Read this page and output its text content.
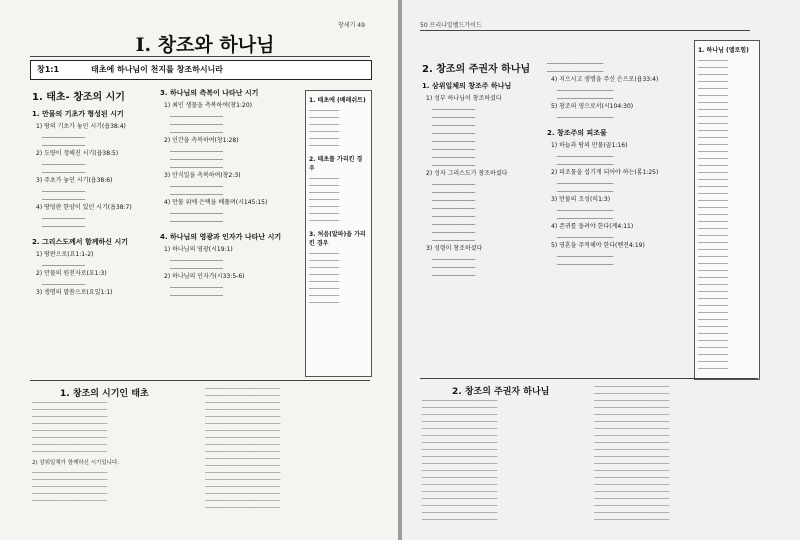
창세기 49
I. 창조와 하나님
창1:1	태초에 하나님이 천지를 창조하시니라
1. 태초- 창조의 시기
1. 만물의 기초가 형성된 시기
1) 땅의 기초가 놓인 시기(욥38:4)
─────────────
─────────────
2) 도량이 정해진 시기(욥38:5)
─────────────
─────────────
3) 주초가 놓인 시기(욥38:6)
─────────────
─────────────
4) 땅덩판 한양이 있던 시기(욥38:7)
─────────────
─────────────
2. 그리스도께서 함께하신 시기
1) 땅판으로(요1:1-2)
─────────────
2) 만물의 원천자로(요1:3)
─────────────
3) 생명의 말씀으로(요일1:1)
3. 하나님의 측복이 나타난 시기
1) 최인 생물을 측복하여(창1:20)
────────────────
────────────────
────────────────
2) 인간을 측복하여(창1:28)
────────────────
────────────────
────────────────
3) 안식일을 측복하여(창2:3)
────────────────
────────────────
4) 만물 위에 은택을 베풀며(시145:15)
────────────────
────────────────
4. 하나님의 영광과 인자가 나타난 시기
1) 하나님의 영광(시19:1)
────────────────
────────────────
2) 하나님의 인자가(시33:5-6)
────────────────
────────────────
1. 태초에 (베레쉬트)
──────────
──────────
──────────
──────────
──────────
──────────
2. 태초를 가리킨 경우
──────────
──────────
──────────
──────────
──────────
──────────
──────────
3. 처음(알파)을 가리킨 경우
──────────
──────────
──────────
──────────
──────────
──────────
──────────
──────────
1. 창조의 시기인 태초
─────────────────────────
─────────────────────────
─────────────────────────
─────────────────────────
─────────────────────────
─────────────────────────
─────────────────────────
─────────────────────────
2) 삼위일체가 함께하신 시기입니다.
─────────────────────────
─────────────────────────
─────────────────────────
─────────────────────────
─────────────────────────
─────────────────────────
─────────────────────────
─────────────────────────
─────────────────────────
─────────────────────────
─────────────────────────
─────────────────────────
─────────────────────────
─────────────────────────
─────────────────────────
─────────────────────────
─────────────────────────
─────────────────────────
─────────────────────────
─────────────────────────
─────────────────────────
─────────────────────────
─────────────────────────
50 프리나일벨드가이드
2. 창조의 주권자 하나님
1. 삼위일체의 창조주 하나님
1) 성부 하나님이 창조하셨다
─────────────
─────────────
─────────────
─────────────
─────────────
─────────────
─────────────
─────────────
2) 성자 그리스도가 창조하셨다
─────────────
─────────────
─────────────
─────────────
─────────────
─────────────
─────────────
─────────────
3) 성령이 창조하셨다
─────────────
─────────────
─────────────
─────────────────
─────────────────
4) 지으시고 생명을 주신 은으로(욥33:4)
─────────────────
─────────────────
5) 창조의 영으로서(시104:30)
─────────────────
2. 창조주의 피조물
1) 하늘과 땅의 만물(골1:16)
─────────────────
─────────────────
2) 피조물을 섭기게 되어야 하는(롬1:25)
─────────────────
─────────────────
3) 만물의 조성(히1:3)
─────────────────
─────────────────
4) 존귀를 돌려야 한다(계4:11)
─────────────────
5) 영혼을 주적해야 한다(벧전4:19)
─────────────────
─────────────────
1. 하나님 (엘로힘)
──────────
──────────
──────────
──────────
──────────
──────────
──────────
──────────
──────────
──────────
──────────
──────────
──────────
──────────
──────────
──────────
──────────
──────────
──────────
──────────
──────────
──────────
──────────
──────────
──────────
──────────
──────────
──────────
──────────
──────────
──────────
──────────
──────────
──────────
──────────
──────────
──────────
──────────
──────────
──────────
──────────
──────────
──────────
──────────
──────────
2. 창조의 주권자 하나님
─────────────────────────
─────────────────────────
─────────────────────────
─────────────────────────
─────────────────────────
─────────────────────────
─────────────────────────
─────────────────────────
─────────────────────────
─────────────────────────
─────────────────────────
─────────────────────────
─────────────────────────
─────────────────────────
─────────────────────────
─────────────────────────
─────────────────────────
─────────────────────────
─────────────────────────
─────────────────────────
─────────────────────────
─────────────────────────
─────────────────────────
─────────────────────────
─────────────────────────
─────────────────────────
─────────────────────────
─────────────────────────
─────────────────────────
─────────────────────────
─────────────────────────
─────────────────────────
─────────────────────────
─────────────────────────
─────────────────────────
─────────────────────────
─────────────────────────
─────────────────────────
